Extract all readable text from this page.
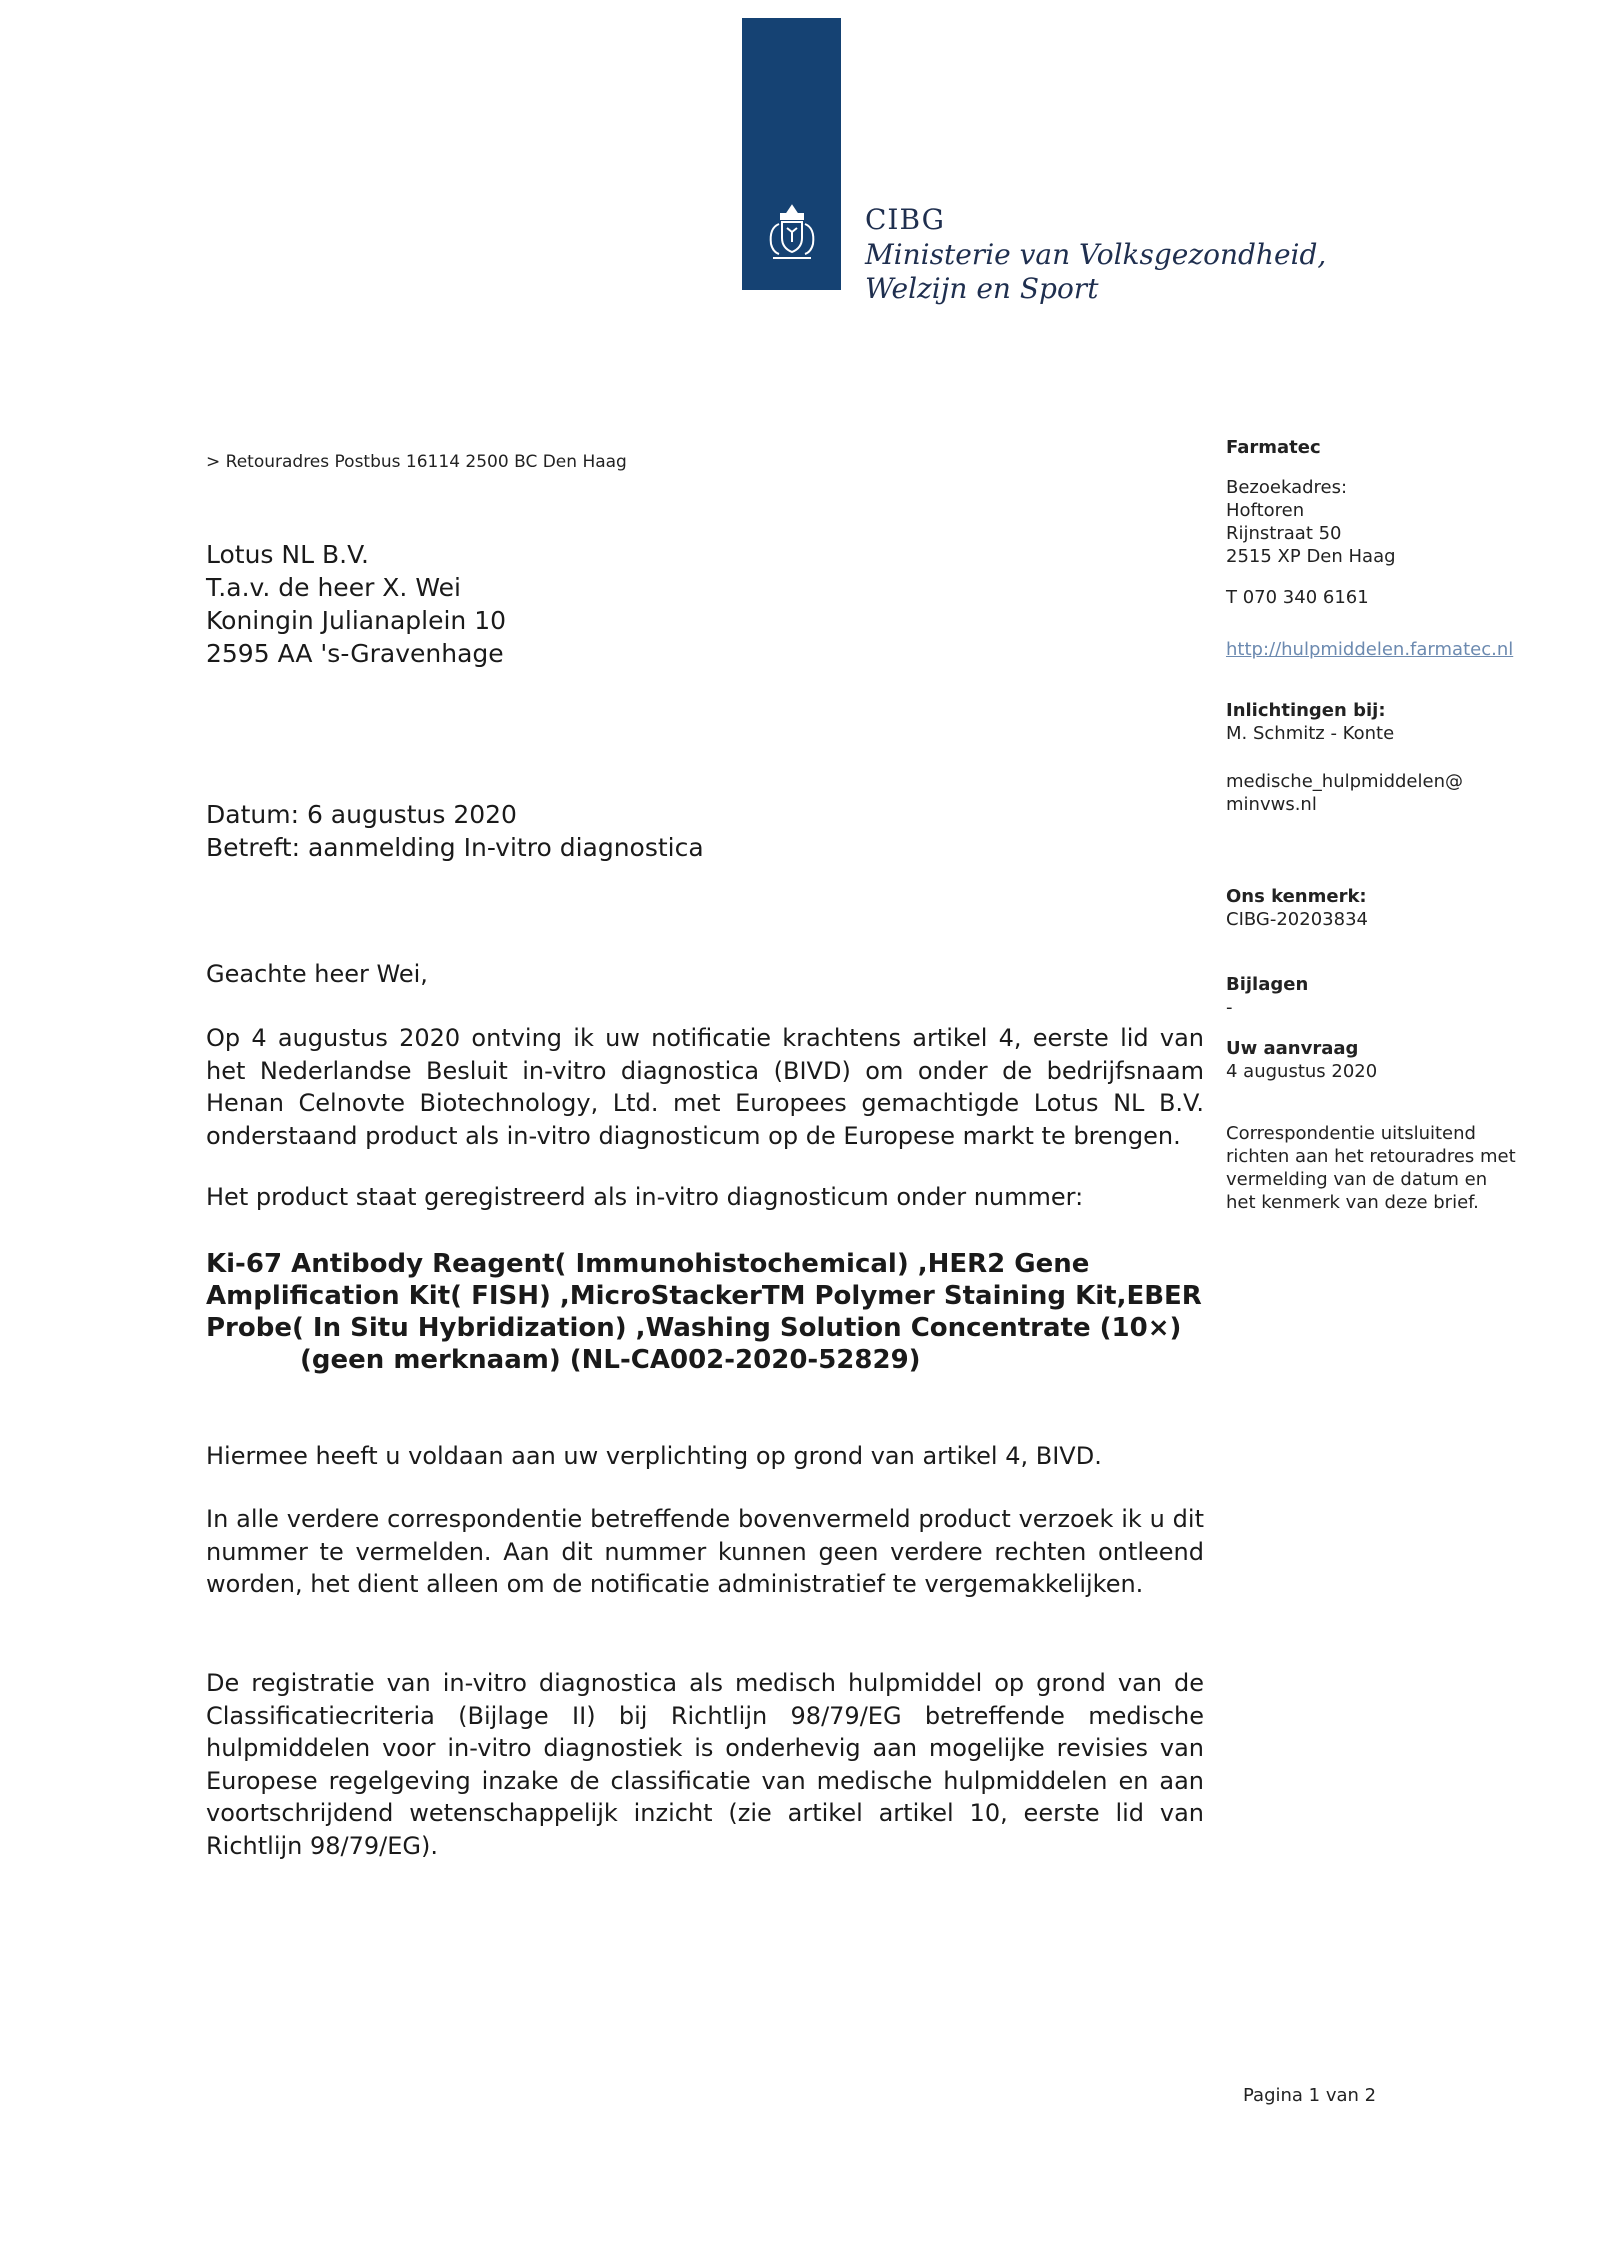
CIBG
Ministerie van Volksgezondheid,
Welzijn en Sport
> Retouradres Postbus 16114 2500 BC Den Haag
Lotus NL B.V.
T.a.v. de heer X. Wei
Koningin Julianaplein 10
2595 AA 's-Gravenhage
Datum: 6 augustus 2020
Betreft: aanmelding In-vitro diagnostica
Geachte heer Wei,
Op 4 augustus 2020 ontving ik uw notificatie krachtens artikel 4, eerste lid van het Nederlandse Besluit in-vitro diagnostica (BIVD) om onder de bedrijfsnaam Henan Celnovte Biotechnology, Ltd. met Europees gemachtigde Lotus NL B.V. onderstaand product als in-vitro diagnosticum op de Europese markt te brengen.
Het product staat geregistreerd als in-vitro diagnosticum onder nummer:
Ki-67 Antibody Reagent( Immunohistochemical) ,HER2 Gene
Amplification Kit( FISH) ,MicroStackerTM Polymer Staining Kit,EBER
Probe( In Situ Hybridization) ,Washing Solution Concentrate (10×)
(geen merknaam) (NL-CA002-2020-52829)
Hiermee heeft u voldaan aan uw verplichting op grond van artikel 4, BIVD.
In alle verdere correspondentie betreffende bovenvermeld product verzoek ik u dit nummer te vermelden. Aan dit nummer kunnen geen verdere rechten ontleend worden, het dient alleen om de notificatie administratief te vergemakkelijken.
De registratie van in-vitro diagnostica als medisch hulpmiddel op grond van de Classificatiecriteria (Bijlage II) bij Richtlijn 98/79/EG betreffende medische hulpmiddelen voor in-vitro diagnostiek is onderhevig aan mogelijke revisies van Europese regelgeving inzake de classificatie van medische hulpmiddelen en aan voortschrijdend wetenschappelijk inzicht (zie artikel artikel 10, eerste lid van Richtlijn 98/79/EG).
Farmatec
Bezoekadres:
Hoftoren
Rijnstraat 50
2515 XP Den Haag
T 070 340 6161
http://hulpmiddelen.farmatec.nl
Inlichtingen bij:
M. Schmitz - Konte
medische_hulpmiddelen@
minvws.nl
Ons kenmerk:
CIBG-20203834
Bijlagen
-
Uw aanvraag
4 augustus 2020
Correspondentie uitsluitend
richten aan het retouradres met
vermelding van de datum en
het kenmerk van deze brief.
Pagina 1 van 2
